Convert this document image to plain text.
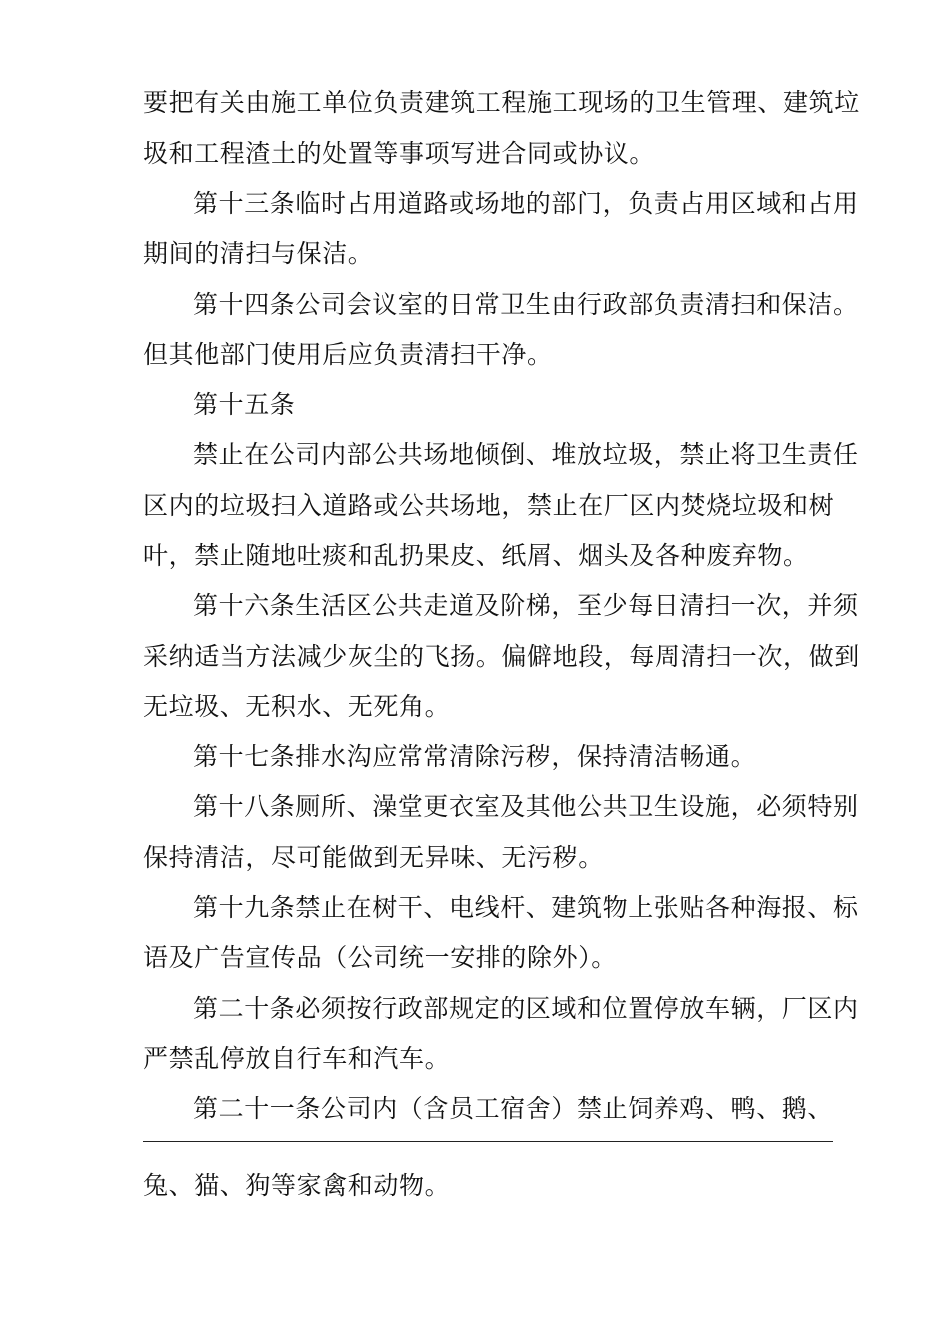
要把有关由施工单位负责建筑工程施工现场的卫生管理、建筑垃

圾和工程渣土的处置等事项写进合同或协议。

第十三条临时占用道路或场地的部门，负责占用区域和占用

期间的清扫与保洁。

第十四条公司会议室的日常卫生由行政部负责清扫和保洁。

但其他部门使用后应负责清扫干净。

第十五条

禁止在公司内部公共场地倾倒、堆放垃圾，禁止将卫生责任

区内的垃圾扫入道路或公共场地，禁止在厂区内焚烧垃圾和树

叶，禁止随地吐痰和乱扔果皮、纸屑、烟头及各种废弃物。

第十六条生活区公共走道及阶梯，至少每日清扫一次，并须

采纳适当方法减少灰尘的飞扬。偏僻地段，每周清扫一次，做到

无垃圾、无积水、无死角。

第十七条排水沟应常常清除污秽，保持清洁畅通。

第十八条厕所、澡堂更衣室及其他公共卫生设施，必须特别

保持清洁，尽可能做到无异味、无污秽。

第十九条禁止在树干、电线杆、建筑物上张贴各种海报、标

语及广告宣传品（公司统一安排的除外）。

第二十条必须按行政部规定的区域和位置停放车辆，厂区内

严禁乱停放自行车和汽车。

第二十一条公司内（含员工宿舍）禁止饲养鸡、鸭、鹅、

兔、猫、狗等家禽和动物。
